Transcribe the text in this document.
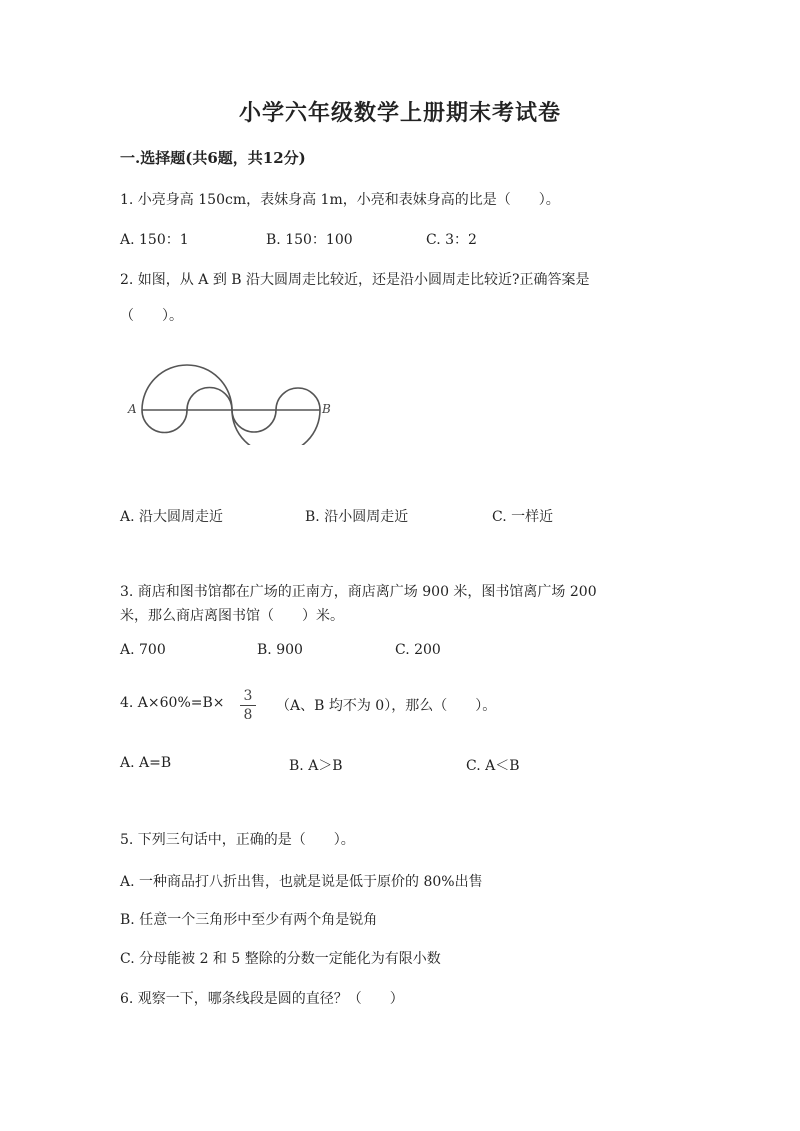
小学六年级数学上册期末考试卷
一.选择题(共6题，共12分)
1. 小亮身高 150cm，表妹身高 1m，小亮和表妹身高的比是（　　）。
A. 150：1	B. 150：100	C. 3：2
2. 如图，从 A 到 B 沿大圆周走比较近，还是沿小圆周走比较近?正确答案是
（　　）。
A	B
A. 沿大圆周走近	B. 沿小圆周走近	C. 一样近
3. 商店和图书馆都在广场的正南方，商店离广场 900 米，图书馆离广场 200
米，那么商店离图书馆（　　）米。
A. 700	B. 900	C. 200
4. A×60%=B×	3
8
（A、B 均不为 0），那么（　　）。
A. A=B	B. A＞B	C. A＜B
5. 下列三句话中，正确的是（　　）。
A. 一种商品打八折出售，也就是说是低于原价的 80%出售
B. 任意一个三角形中至少有两个角是锐角
C. 分母能被 2 和 5 整除的分数一定能化为有限小数
6. 观察一下，哪条线段是圆的直径？（　　）
